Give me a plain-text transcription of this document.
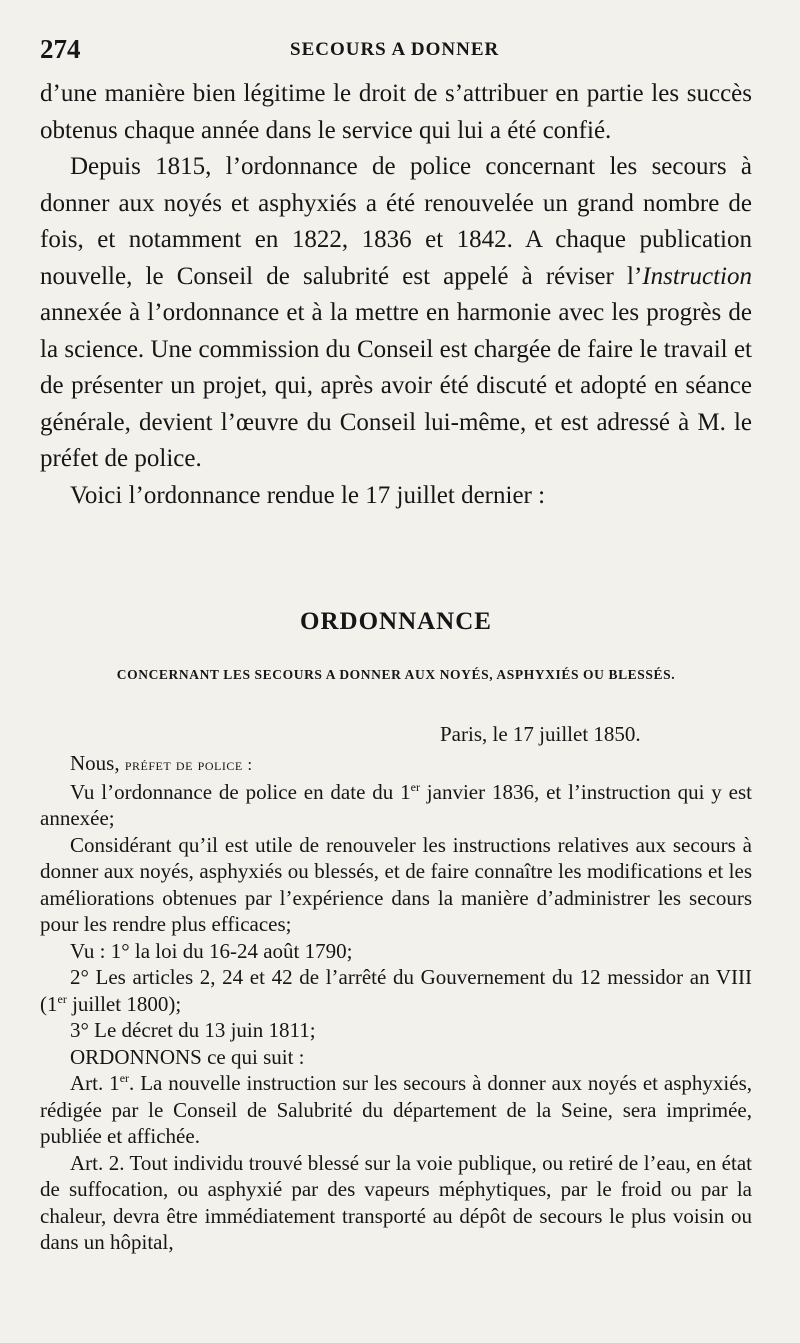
274	SECOURS A DONNER

d’une manière bien légitime le droit de s’attribuer en partie les succès obtenus chaque année dans le service qui lui a été confié.

Depuis 1815, l’ordonnance de police concernant les secours à donner aux noyés et asphyxiés a été renouvelée un grand nombre de fois, et notamment en 1822, 1836 et 1842. A chaque publication nouvelle, le Conseil de salubrité est appelé à réviser l’Instruction annexée à l’ordonnance et à la mettre en harmonie avec les progrès de la science. Une commission du Conseil est chargée de faire le travail et de présenter un projet, qui, après avoir été discuté et adopté en séance générale, devient l’œuvre du Conseil lui-même, et est adressé à M. le préfet de police.

Voici l’ordonnance rendue le 17 juillet dernier :

ORDONNANCE
CONCERNANT LES SECOURS A DONNER AUX NOYÉS, ASPHYXIÉS OU BLESSÉS.
Paris, le 17 juillet 1850.

Nous, préfet de police :

Vu l’ordonnance de police en date du 1er janvier 1836, et l’instruction qui y est annexée;

Considérant qu’il est utile de renouveler les instructions relatives aux secours à donner aux noyés, asphyxiés ou blessés, et de faire connaître les modifications et les améliorations obtenues par l’expérience dans la manière d’administrer les secours pour les rendre plus efficaces;

Vu : 1° la loi du 16-24 août 1790;

2° Les articles 2, 24 et 42 de l’arrêté du Gouvernement du 12 messidor an VIII (1er juillet 1800);

3° Le décret du 13 juin 1811;

ORDONNONS ce qui suit :

Art. 1er. La nouvelle instruction sur les secours à donner aux noyés et asphyxiés, rédigée par le Conseil de Salubrité du département de la Seine, sera imprimée, publiée et affichée.

Art. 2. Tout individu trouvé blessé sur la voie publique, ou retiré de l’eau, en état de suffocation, ou asphyxié par des vapeurs méphytiques, par le froid ou par la chaleur, devra être immédiatement transporté au dépôt de secours le plus voisin ou dans un hôpital,
